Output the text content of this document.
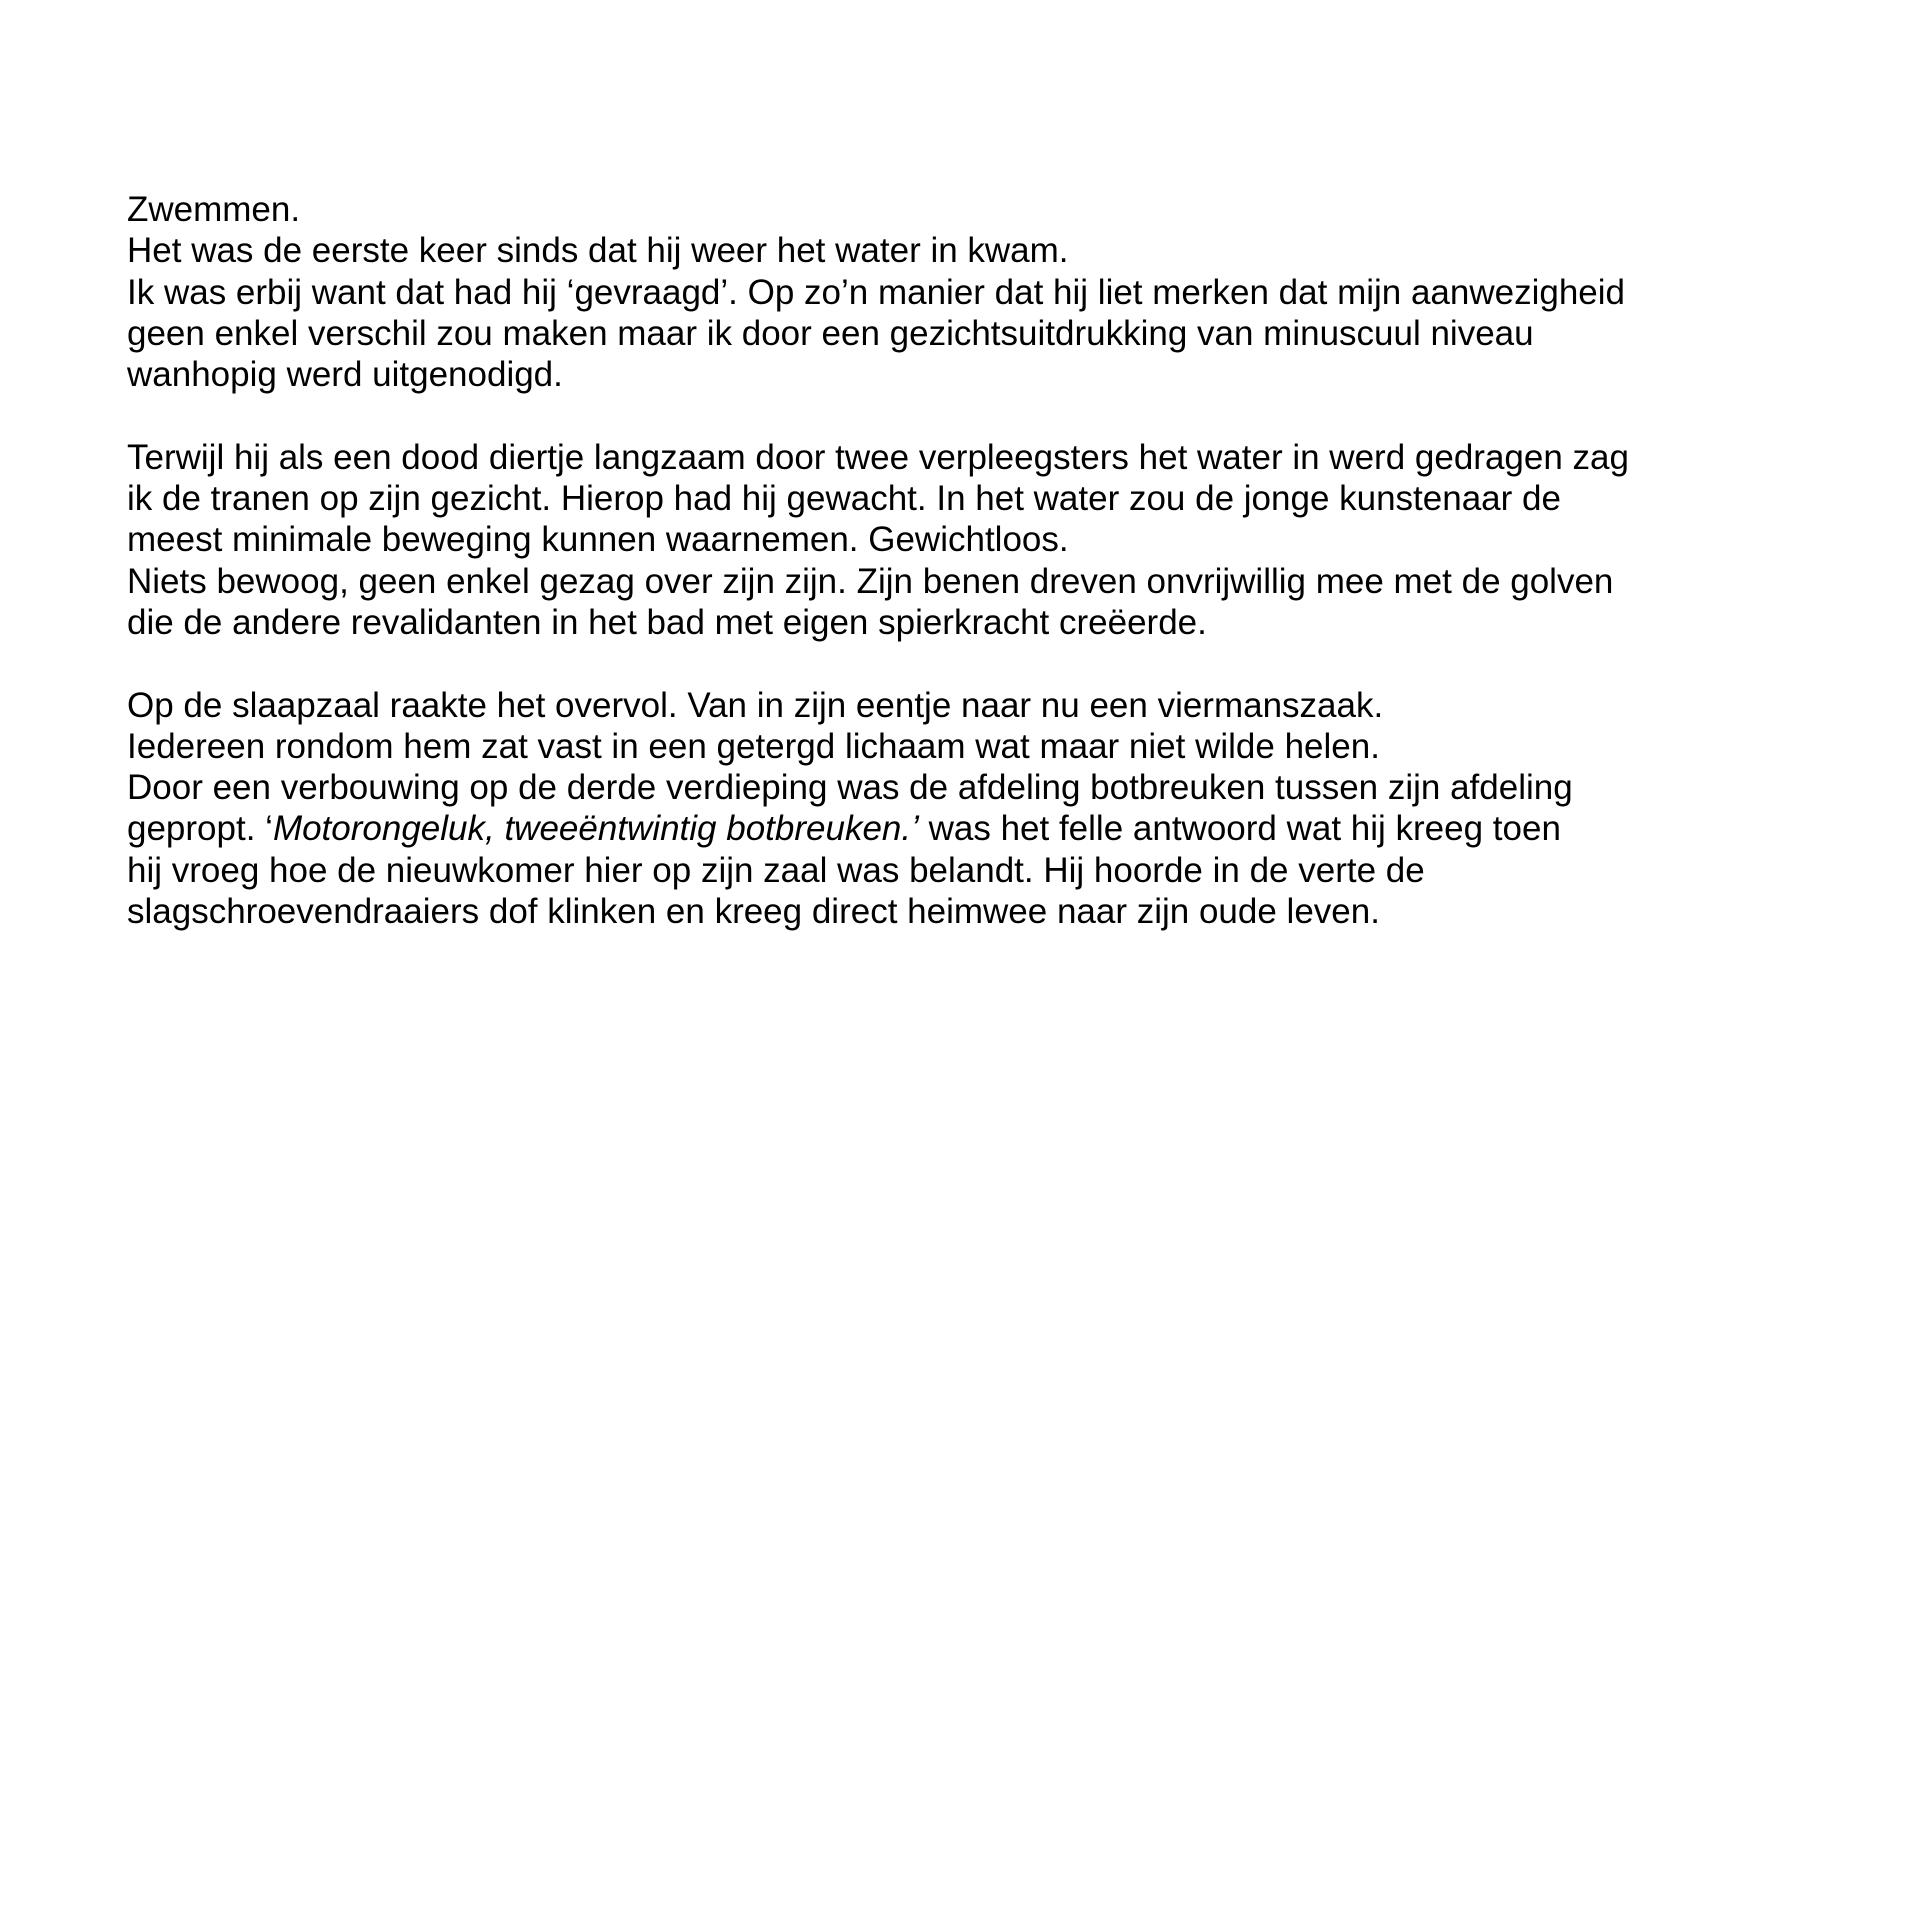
Zwemmen.
Het was de eerste keer sinds dat hij weer het water in kwam.
Ik was erbij want dat had hij ‘gevraagd’. Op zo’n manier dat hij liet merken dat mijn aanwezigheid
geen enkel verschil zou maken maar ik door een gezichtsuitdrukking van minuscuul niveau
wanhopig werd uitgenodigd.
Terwijl hij als een dood diertje langzaam door twee verpleegsters het water in werd gedragen zag
ik de tranen op zijn gezicht. Hierop had hij gewacht. In het water zou de jonge kunstenaar de
meest minimale beweging kunnen waarnemen. Gewichtloos.
Niets bewoog, geen enkel gezag over zijn zijn. Zijn benen dreven onvrijwillig mee met de golven
die de andere revalidanten in het bad met eigen spierkracht creëerde.
Op de slaapzaal raakte het overvol. Van in zijn eentje naar nu een viermanszaak.
Iedereen rondom hem zat vast in een getergd lichaam wat maar niet wilde helen.
Door een verbouwing op de derde verdieping was de afdeling botbreuken tussen zijn afdeling
gepropt. ‘Motorongeluk, tweeëntwintig botbreuken.’ was het felle antwoord wat hij kreeg toen
hij vroeg hoe de nieuwkomer hier op zijn zaal was belandt. Hij hoorde in de verte de
slagschroevendraaiers dof klinken en kreeg direct heimwee naar zijn oude leven.
